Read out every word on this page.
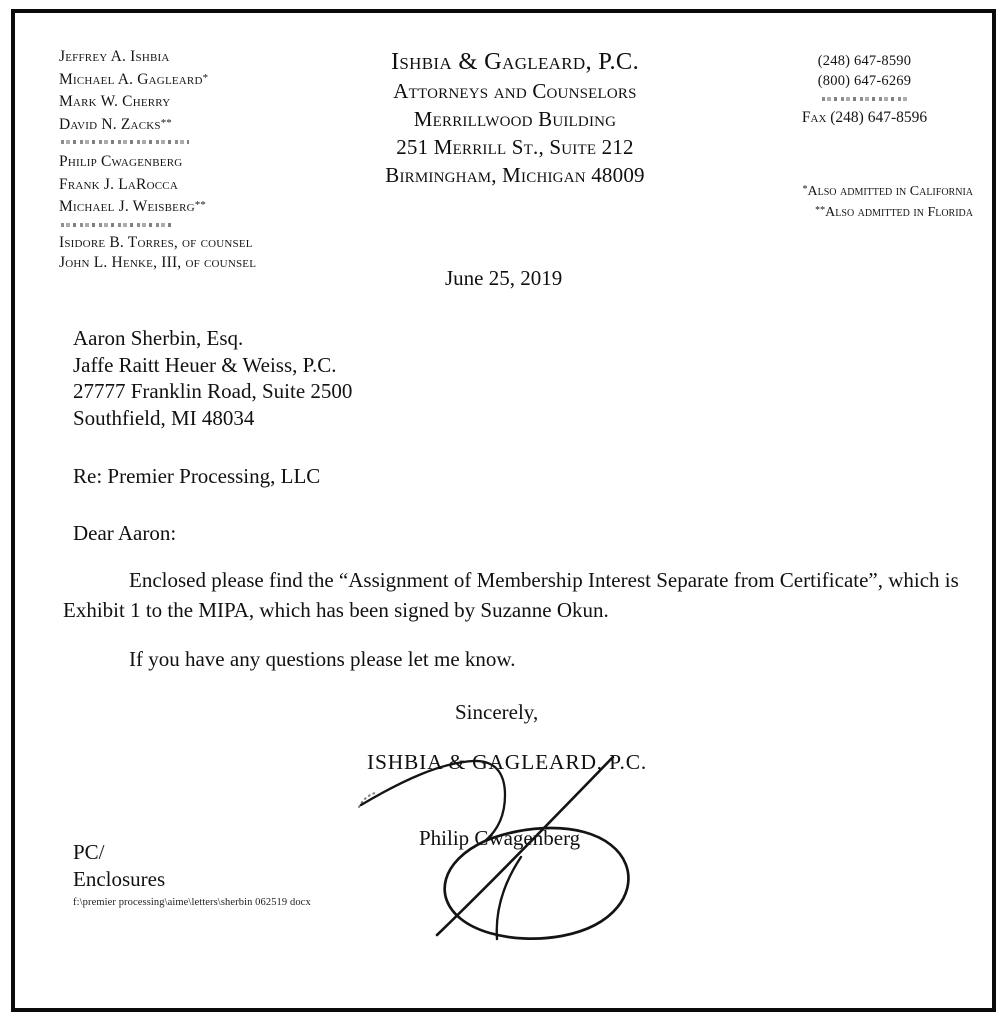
Jeffrey A. Ishbia
Michael A. Gagleard*
Mark W. Cherry
David N. Zacks**
Philip Cwagenberg
Frank J. LaRocca
Michael J. Weisberg**
Isidore B. Torres, of counsel
John L. Henke, III, of counsel
Ishbia & Gagleard, P.C.
Attorneys and Counselors
Merrillwood Building
251 Merrill St., Suite 212
Birmingham, Michigan 48009
(248) 647-8590
(800) 647-6269
Fax (248) 647-8596
*Also admitted in California
**Also admitted in Florida
June 25, 2019
Aaron Sherbin, Esq.
Jaffe Raitt Heuer & Weiss, P.C.
27777 Franklin Road, Suite 2500
Southfield, MI 48034
Re: Premier Processing, LLC
Dear Aaron:
Enclosed please find the “Assignment of Membership Interest Separate from Certificate”, which is Exhibit 1 to the MIPA, which has been signed by Suzanne Okun.
If you have any questions please let me know.
Sincerely,
ISHBIA & GAGLEARD, P.C.
Philip Cwagenberg
PC/
Enclosures
f:\premier processing\aime\letters\sherbin 062519 docx
